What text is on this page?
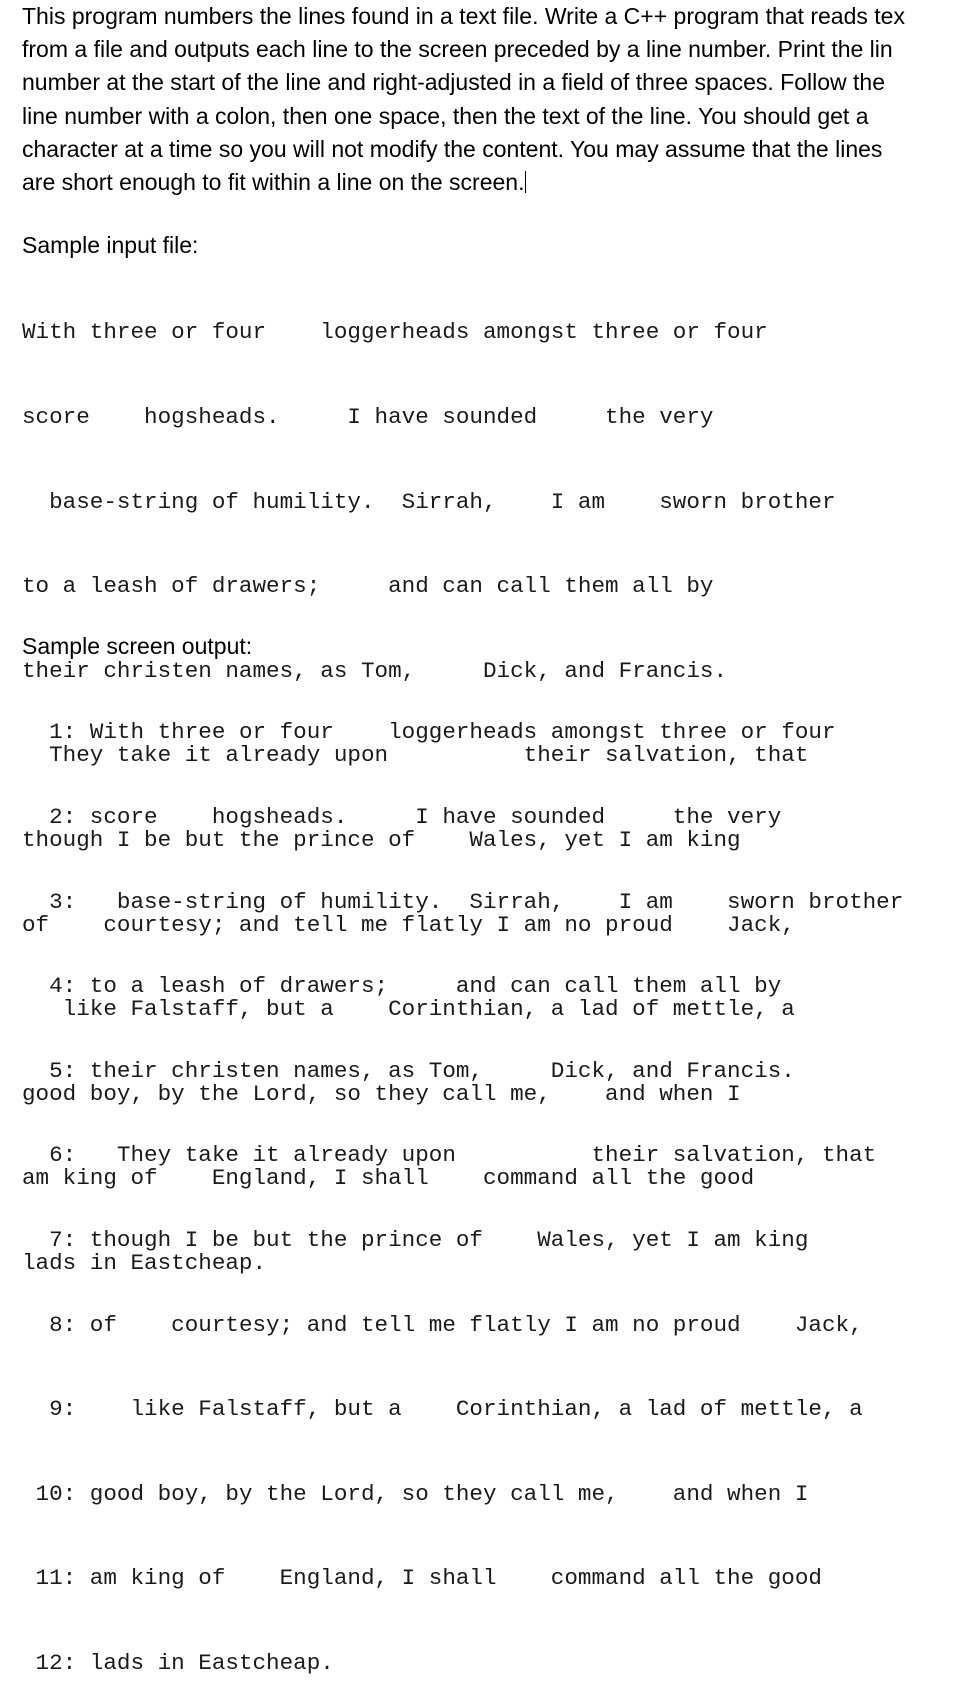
This program numbers the lines found in a text file. Write a C++ program that reads tex
from a file and outputs each line to the screen preceded by a line number. Print the lin
number at the start of the line and right-adjusted in a field of three spaces. Follow the
line number with a colon, then one space, then the text of the line. You should get a
character at a time so you will not modify the content. You may assume that the lines
are short enough to fit within a line on the screen.
Sample input file:

With three or four    loggerheads amongst three or four

score    hogsheads.     I have sounded     the very

base-string of humility.  Sirrah,    I am    sworn brother

to a leash of drawers;     and can call them all by

their christen names, as Tom,     Dick, and Francis.

They take it already upon          their salvation, that

though I be but the prince of    Wales, yet I am king

of    courtesy; and tell me flatly I am no proud    Jack,

like Falstaff, but a    Corinthian, a lad of mettle, a

good boy, by the Lord, so they call me,    and when I

am king of    England, I shall    command all the good

lads in Eastcheap.

Sample screen output:

1: With three or four    loggerheads amongst three or four

2: score    hogsheads.     I have sounded     the very

3:   base-string of humility.  Sirrah,    I am    sworn brother

4: to a leash of drawers;     and can call them all by

5: their christen names, as Tom,     Dick, and Francis.

6:   They take it already upon          their salvation, that

7: though I be but the prince of    Wales, yet I am king

8: of    courtesy; and tell me flatly I am no proud    Jack,

9:    like Falstaff, but a    Corinthian, a lad of mettle, a

10: good boy, by the Lord, so they call me,    and when I

11: am king of    England, I shall    command all the good

12: lads in Eastcheap.
